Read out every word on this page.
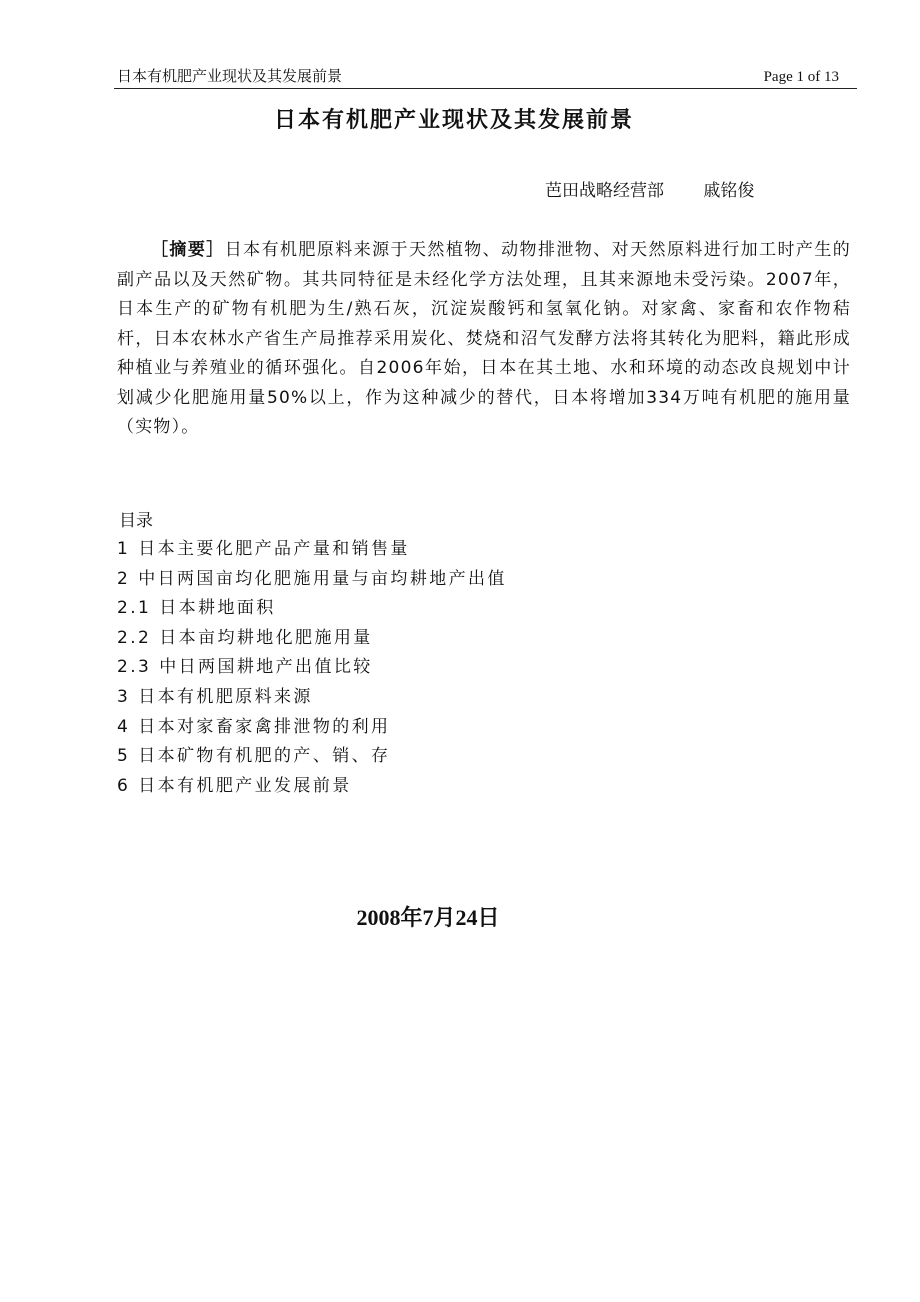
日本有机肥产业现状及其发展前景	Page 1 of 13
日本有机肥产业现状及其发展前景
芭田战略经营部 戚铭俊

［摘要］日本有机肥原料来源于天然植物、动物排泄物、对天然原料进行加工时产生的副产品以及天然矿物。其共同特征是未经化学方法处理，且其来源地未受污染。2007年，日本生产的矿物有机肥为生/熟石灰，沉淀炭酸钙和氢氧化钠。对家禽、家畜和农作物秸杆，日本农林水产省生产局推荐采用炭化、焚烧和沼气发酵方法将其转化为肥料，籍此形成种植业与养殖业的循环强化。自2006年始，日本在其土地、水和环境的动态改良规划中计划减少化肥施用量50%以上，作为这种减少的替代，日本将增加334万吨有机肥的施用量（实物）。

目录
1 日本主要化肥产品产量和销售量
2 中日两国亩均化肥施用量与亩均耕地产出值
2.1 日本耕地面积
2.2 日本亩均耕地化肥施用量
2.3 中日两国耕地产出值比较
3 日本有机肥原料来源
4 日本对家畜家禽排泄物的利用
5 日本矿物有机肥的产、销、存
6 日本有机肥产业发展前景
2008年7月24日
